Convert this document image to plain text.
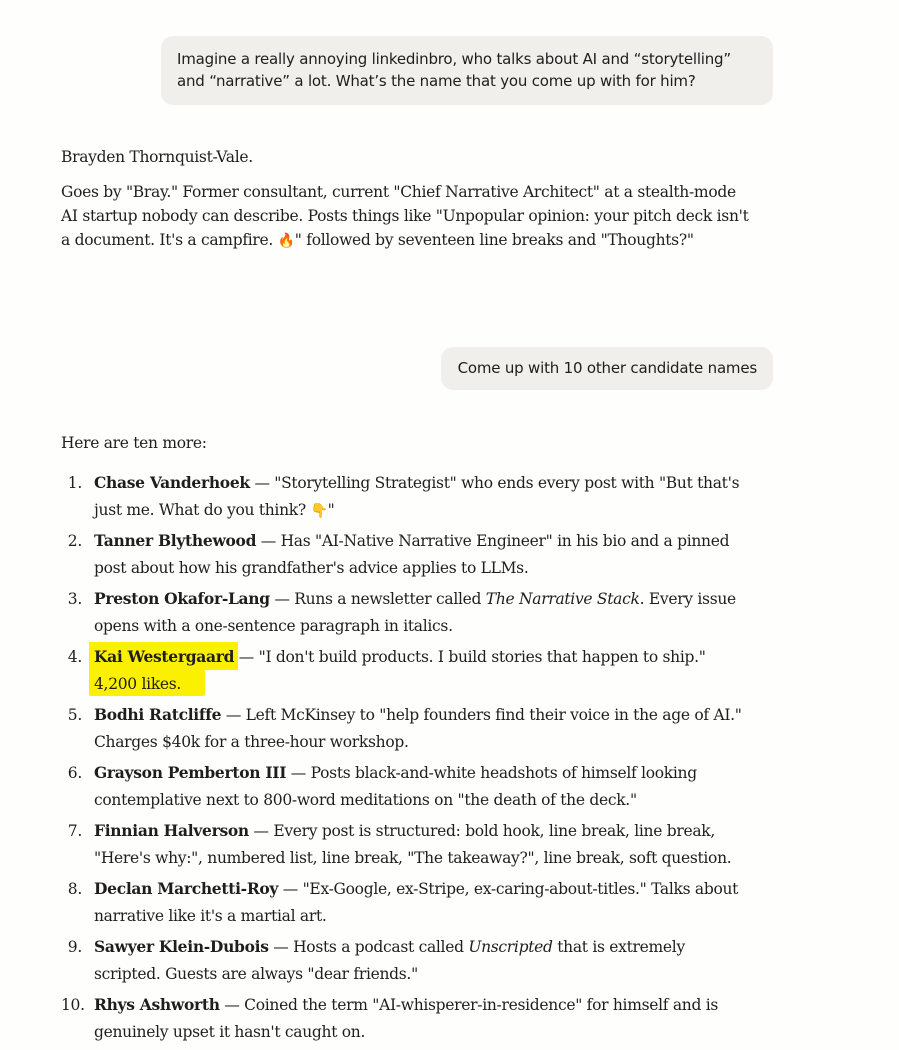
Imagine a really annoying linkedinbro, who talks about AI and “storytelling” and “narrative” a lot. What’s the name that you come up with for him?

Brayden Thornquist-Vale.

Goes by "Bray." Former consultant, current "Chief Narrative Architect" at a stealth-mode AI startup nobody can describe. Posts things like "Unpopular opinion: your pitch deck isn't a document. It's a campfire. 🔥" followed by seventeen line breaks and "Thoughts?"

Come up with 10 other candidate names

Here are ten more:

1. Chase Vanderhoek — "Storytelling Strategist" who ends every post with "But that's just me. What do you think? 👇"
2. Tanner Blythewood — Has "AI-Native Narrative Engineer" in his bio and a pinned post about how his grandfather's advice applies to LLMs.
3. Preston Okafor-Lang — Runs a newsletter called The Narrative Stack. Every issue opens with a one-sentence paragraph in italics.
4. Kai Westergaard — "I don't build products. I build stories that happen to ship." 4,200 likes.
5. Bodhi Ratcliffe — Left McKinsey to "help founders find their voice in the age of AI." Charges $40k for a three-hour workshop.
6. Grayson Pemberton III — Posts black-and-white headshots of himself looking contemplative next to 800-word meditations on "the death of the deck."
7. Finnian Halverson — Every post is structured: bold hook, line break, line break, "Here's why:", numbered list, line break, "The takeaway?", line break, soft question.
8. Declan Marchetti-Roy — "Ex-Google, ex-Stripe, ex-caring-about-titles." Talks about narrative like it's a martial art.
9. Sawyer Klein-Dubois — Hosts a podcast called Unscripted that is extremely scripted. Guests are always "dear friends."
10. Rhys Ashworth — Coined the term "AI-whisperer-in-residence" for himself and is genuinely upset it hasn't caught on.
